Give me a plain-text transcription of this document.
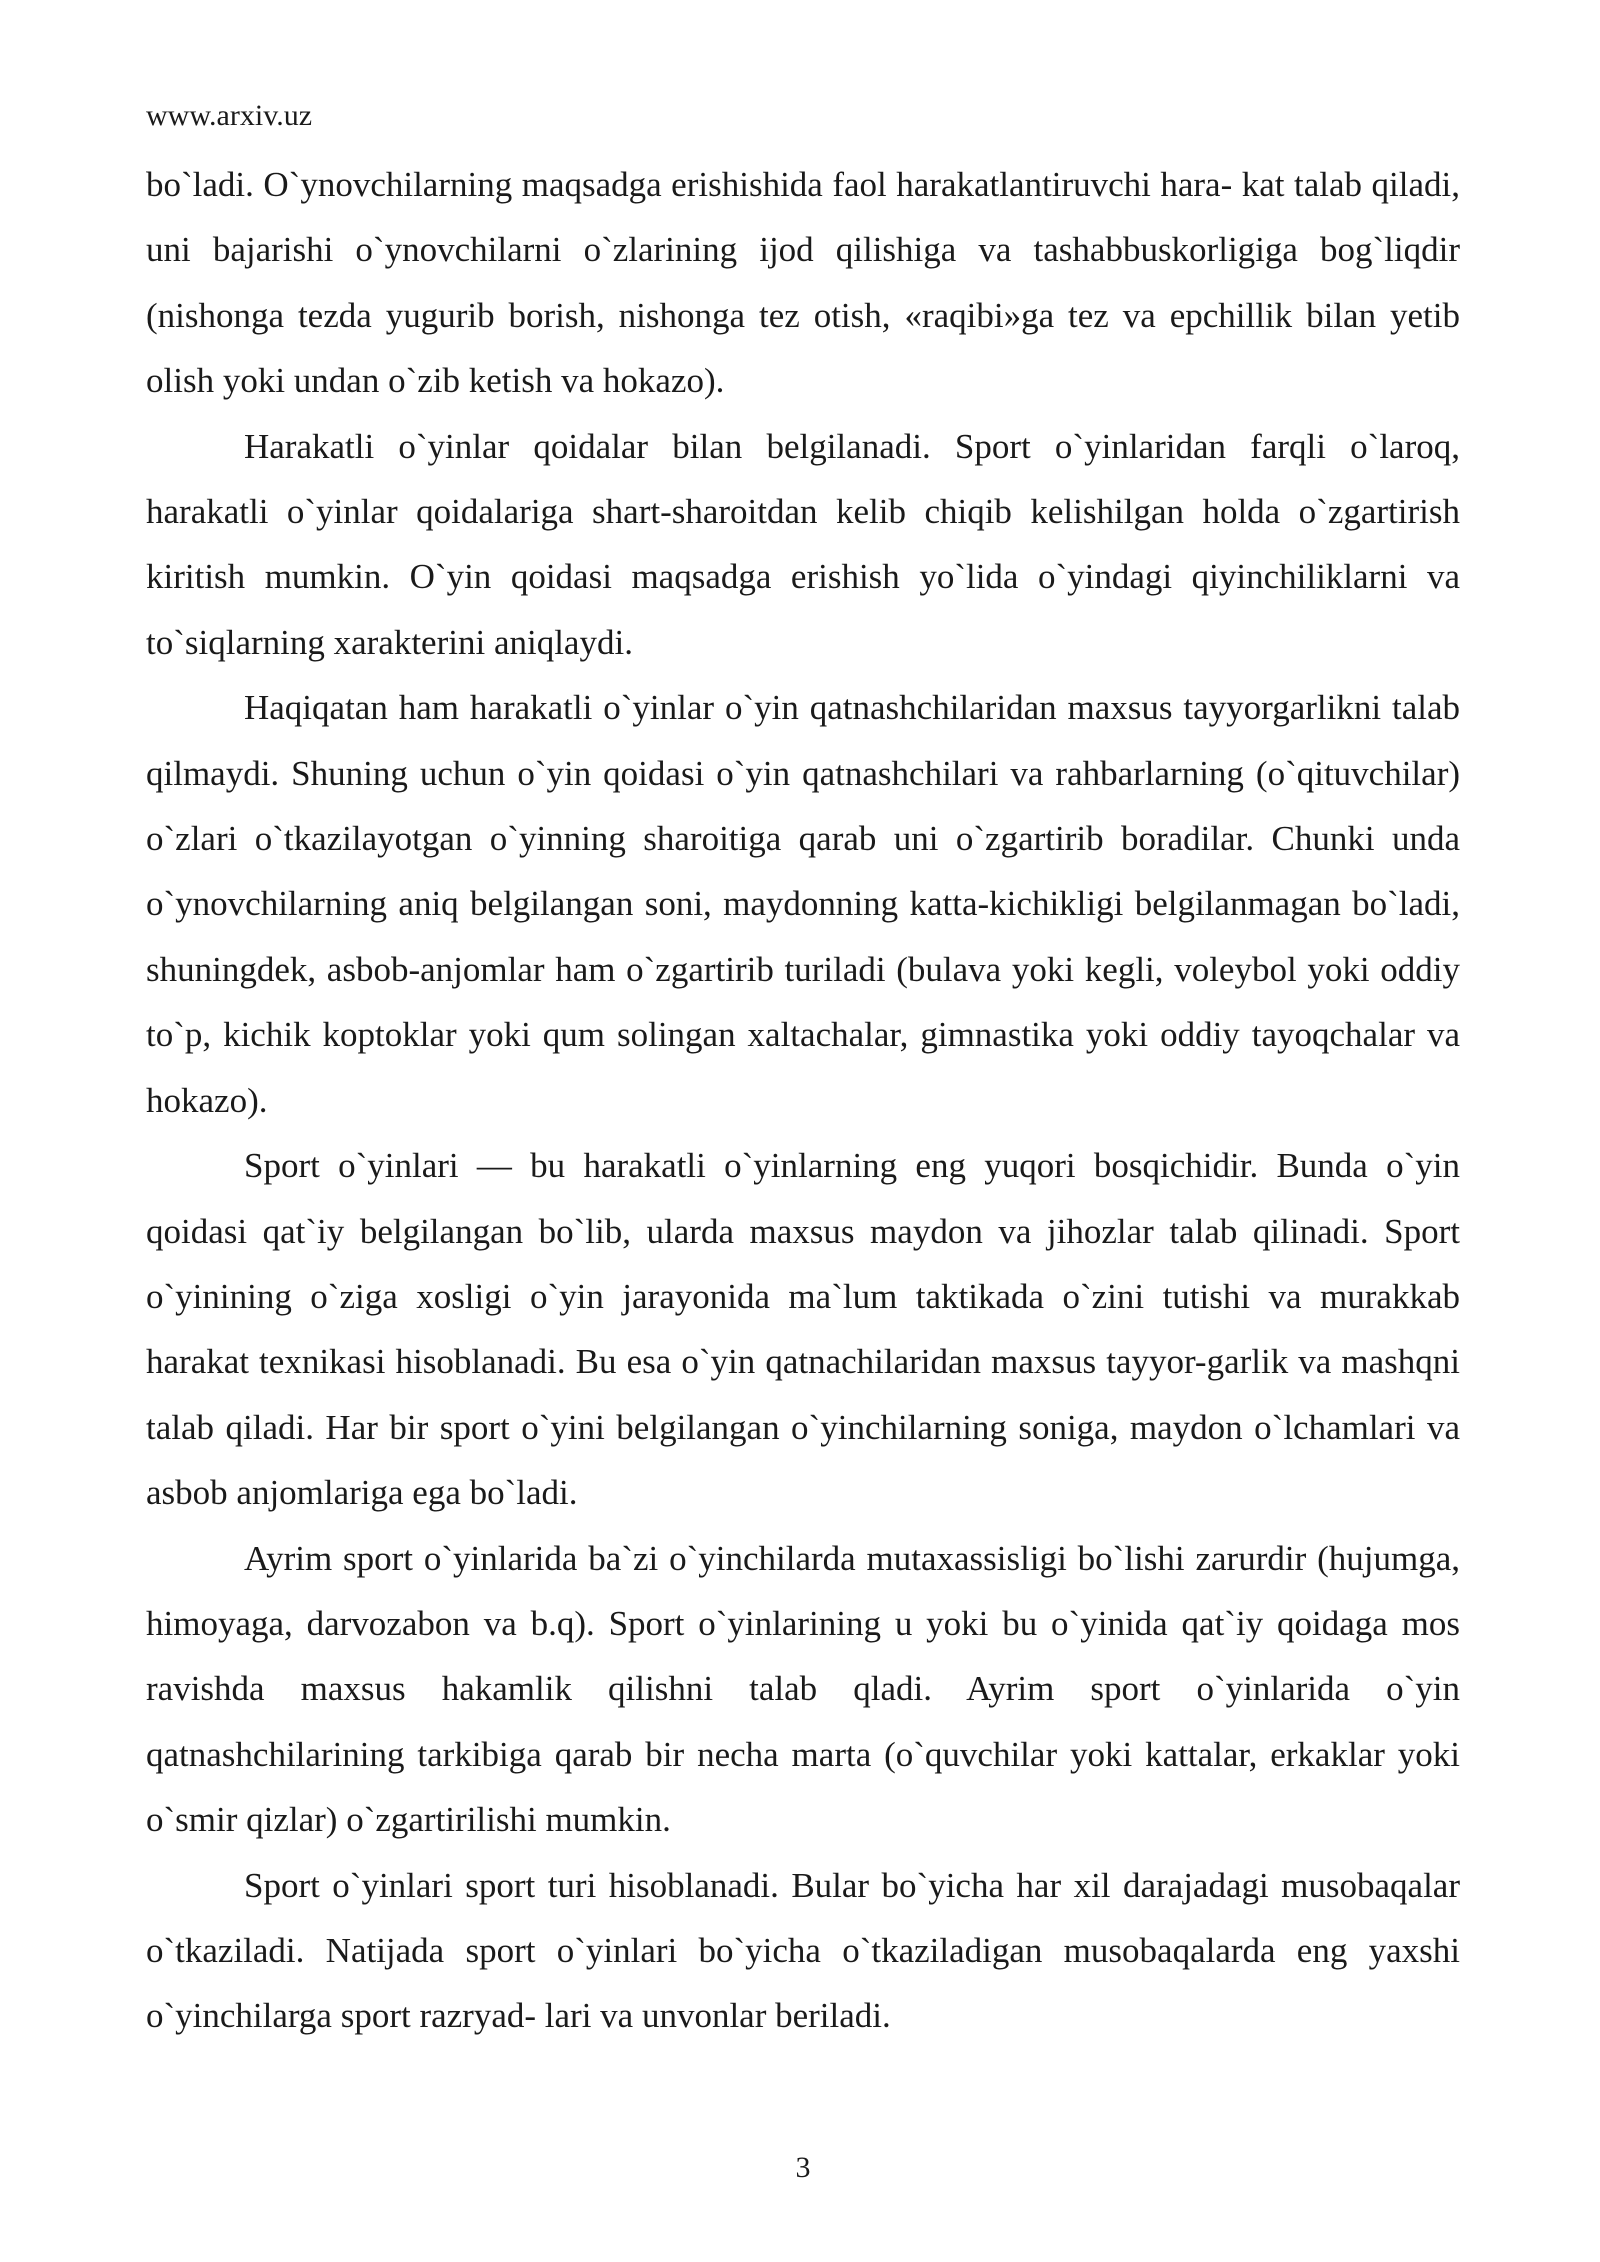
www.arxiv.uz

bo`ladi. O`ynovchilarning maqsadga erishishida faol harakatlantiruvchi hara- kat talab qiladi, uni bajarishi o`ynovchilarni o`zlarining ijod qilishiga va tashabbuskorligiga bog`liqdir (nishonga tezda yugurib borish, nishonga tez otish, «raqibi»ga tez va epchillik bilan yetib olish yoki undan o`zib ketish va hokazo).

Harakatli o`yinlar qoidalar bilan belgilanadi. Sport o`yinlaridan farqli o`laroq, harakatli o`yinlar qoidalariga shart-sharoitdan kelib chiqib kelishilgan holda o`zgartirish kiritish mumkin. O`yin qoidasi maqsadga erishish yo`lida o`yindagi qiyinchiliklarni va to`siqlarning xarakterini aniqlaydi.

Haqiqatan ham harakatli o`yinlar o`yin qatnashchilaridan maxsus tayyorgarlikni talab qilmaydi. Shuning uchun o`yin qoidasi o`yin qatnashchilari va rahbarlarning (o`qituvchilar) o`zlari o`tkazilayotgan o`yinning sharoitiga qarab uni o`zgartirib boradilar. Chunki unda o`ynovchilarning aniq belgilangan soni, maydonning katta-kichikligi belgilanmagan bo`ladi, shuningdek, asbob-anjomlar ham o`zgartirib turiladi (bulava yoki kegli, voleybol yoki oddiy to`p, kichik koptoklar yoki qum solingan xaltachalar, gimnastika yoki oddiy tayoqchalar va hokazo).

Sport o`yinlari — bu harakatli o`yinlarning eng yuqori bosqichidir. Bunda o`yin qoidasi qat`iy belgilangan bo`lib, ularda maxsus maydon va jihozlar talab qilinadi. Sport o`yinining o`ziga xosligi o`yin jarayonida ma`lum taktikada o`zini tutishi va murakkab harakat texnikasi hisoblanadi. Bu esa o`yin qatnachilaridan maxsus tayyor-garlik va mashqni talab qiladi. Har bir sport o`yini belgilangan o`yinchilarning soniga, maydon o`lchamlari va asbob anjomlariga ega bo`ladi.

Ayrim sport o`yinlarida ba`zi o`yinchilarda mutaxassisligi bo`lishi zarurdir (hujumga, himoyaga, darvozabon va b.q). Sport o`yinlarining u yoki bu o`yinida qat`iy qoidaga mos ravishda maxsus hakamlik qilishni talab qladi. Ayrim sport o`yinlarida o`yin qatnashchilarining tarkibiga qarab bir necha marta (o`quvchilar yoki kattalar, erkaklar yoki o`smir qizlar) o`zgartirilishi mumkin.

Sport o`yinlari sport turi hisoblanadi. Bular bo`yicha har xil darajadagi musobaqalar o`tkaziladi. Natijada sport o`yinlari bo`yicha o`tkaziladigan musobaqalarda eng yaxshi o`yinchilarga sport razryad- lari va unvonlar beriladi.

3
